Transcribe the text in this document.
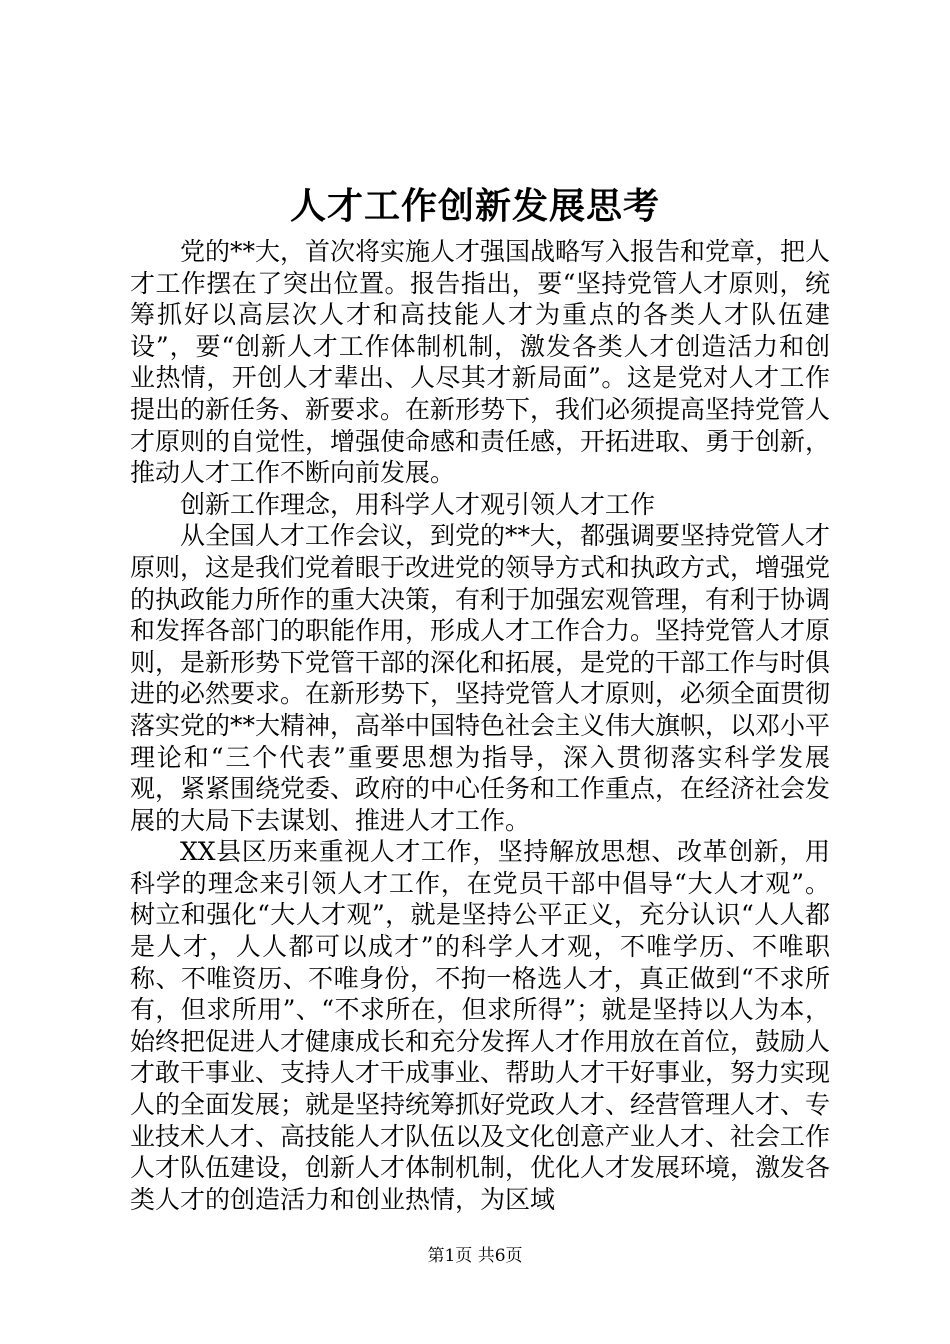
人才工作创新发展思考

党的**大，首次将实施人才强国战略写入报告和党章，把人才工作摆在了突出位置。报告指出，要“坚持党管人才原则，统筹抓好以高层次人才和高技能人才为重点的各类人才队伍建设”，要“创新人才工作体制机制，激发各类人才创造活力和创业热情，开创人才辈出、人尽其才新局面”。这是党对人才工作提出的新任务、新要求。在新形势下，我们必须提高坚持党管人才原则的自觉性，增强使命感和责任感，开拓进取、勇于创新，推动人才工作不断向前发展。

创新工作理念，用科学人才观引领人才工作

从全国人才工作会议，到党的**大，都强调要坚持党管人才原则，这是我们党着眼于改进党的领导方式和执政方式，增强党的执政能力所作的重大决策，有利于加强宏观管理，有利于协调和发挥各部门的职能作用，形成人才工作合力。坚持党管人才原则，是新形势下党管干部的深化和拓展，是党的干部工作与时俱进的必然要求。在新形势下，坚持党管人才原则，必须全面贯彻落实党的**大精神，高举中国特色社会主义伟大旗帜，以邓小平理论和“三个代表”重要思想为指导，深入贯彻落实科学发展观，紧紧围绕党委、政府的中心任务和工作重点，在经济社会发展的大局下去谋划、推进人才工作。

XX县区历来重视人才工作，坚持解放思想、改革创新，用科学的理念来引领人才工作，在党员干部中倡导“大人才观”。树立和强化“大人才观”，就是坚持公平正义，充分认识“人人都是人才，人人都可以成才”的科学人才观，不唯学历、不唯职称、不唯资历、不唯身份，不拘一格选人才，真正做到“不求所有，但求所用”、“不求所在，但求所得”；就是坚持以人为本，始终把促进人才健康成长和充分发挥人才作用放在首位，鼓励人才敢干事业、支持人才干成事业、帮助人才干好事业，努力实现人的全面发展；就是坚持统筹抓好党政人才、经营管理人才、专业技术人才、高技能人才队伍以及文化创意产业人才、社会工作人才队伍建设，创新人才体制机制，优化人才发展环境，激发各类人才的创造活力和创业热情，为区域

第1页 共6页
